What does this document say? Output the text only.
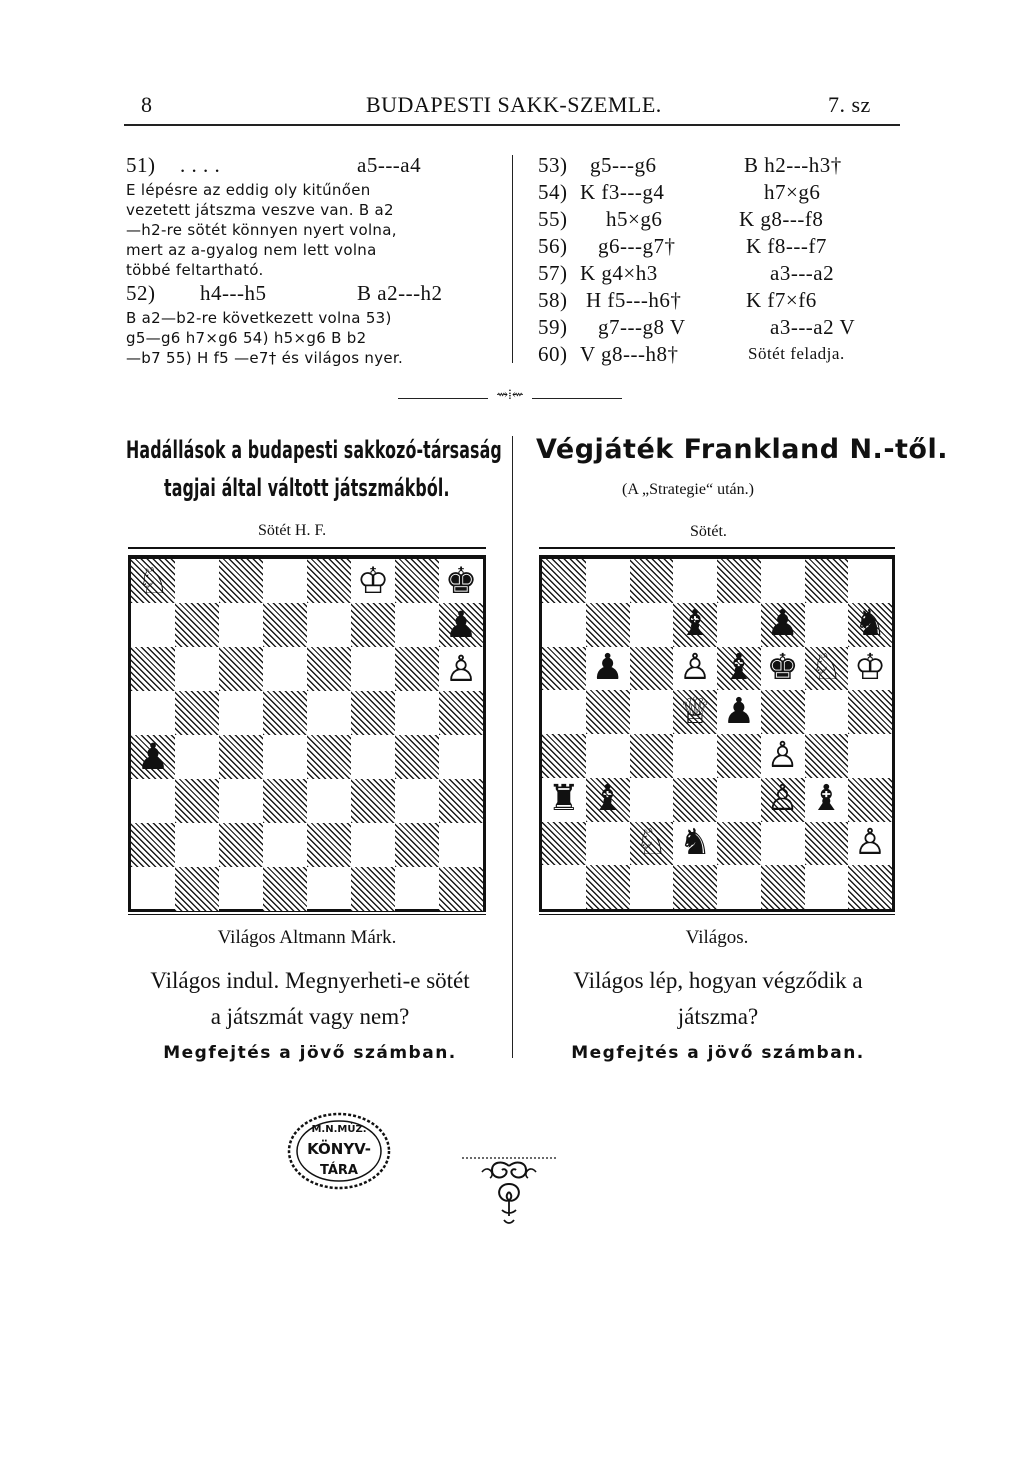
8	BUDAPESTI SAKK-SZEMLE.	7. sz
51) . . . .	a5---a4
E lépésre az eddig oly kitűnően
vezetett játszma veszve van. B a2
—h2-re sötét könnyen nyert volna,
mert az a-gyalog nem lett volna
többé feltartható.
52) h4---h5	B a2---h2
B a2—b2-re következett volna 53)
g5—g6 h7×g6 54) h5×g6 B b2
—b7 55) H f5 —e7† és világos nyer.
53) g5---g6	B h2---h3†
54) K f3---g4	h7×g6
55) h5×g6	K g8---f8
56) g6---g7†	K f8---f7
57) K g4×h3	a3---a2
58) H f5---h6†	K f7×f6
59) g7---g8 V	a3---a2 V
60) V g8---h8†	Sötét feladja.
⇝⁞⇜
Hadállások a budapesti sakkozó-társaság
tagjai által váltott játszmákból.
Sötét H. F.
♘	♔ ♚
♟
♙
♟
Világos Altmann Márk.
Világos indul. Megnyerheti-e sötét
a játszmát vagy nem?
Megfejtés a jövő számban.
Végjáték Frankland N.-től.
(A „Strategie“ után.)
Sötét.
♝ ♟ ♞
♟ ♙ ♝ ♚ ♘ ♔
♕ ♟
♙
♜ ♝	♙ ♝
♘ ♞	♙
Világos.
Világos lép, hogyan végződik a
játszma?
Megfejtés a jövő számban.
M.N.MÚZ.
KÖNYV-
TÁRA
